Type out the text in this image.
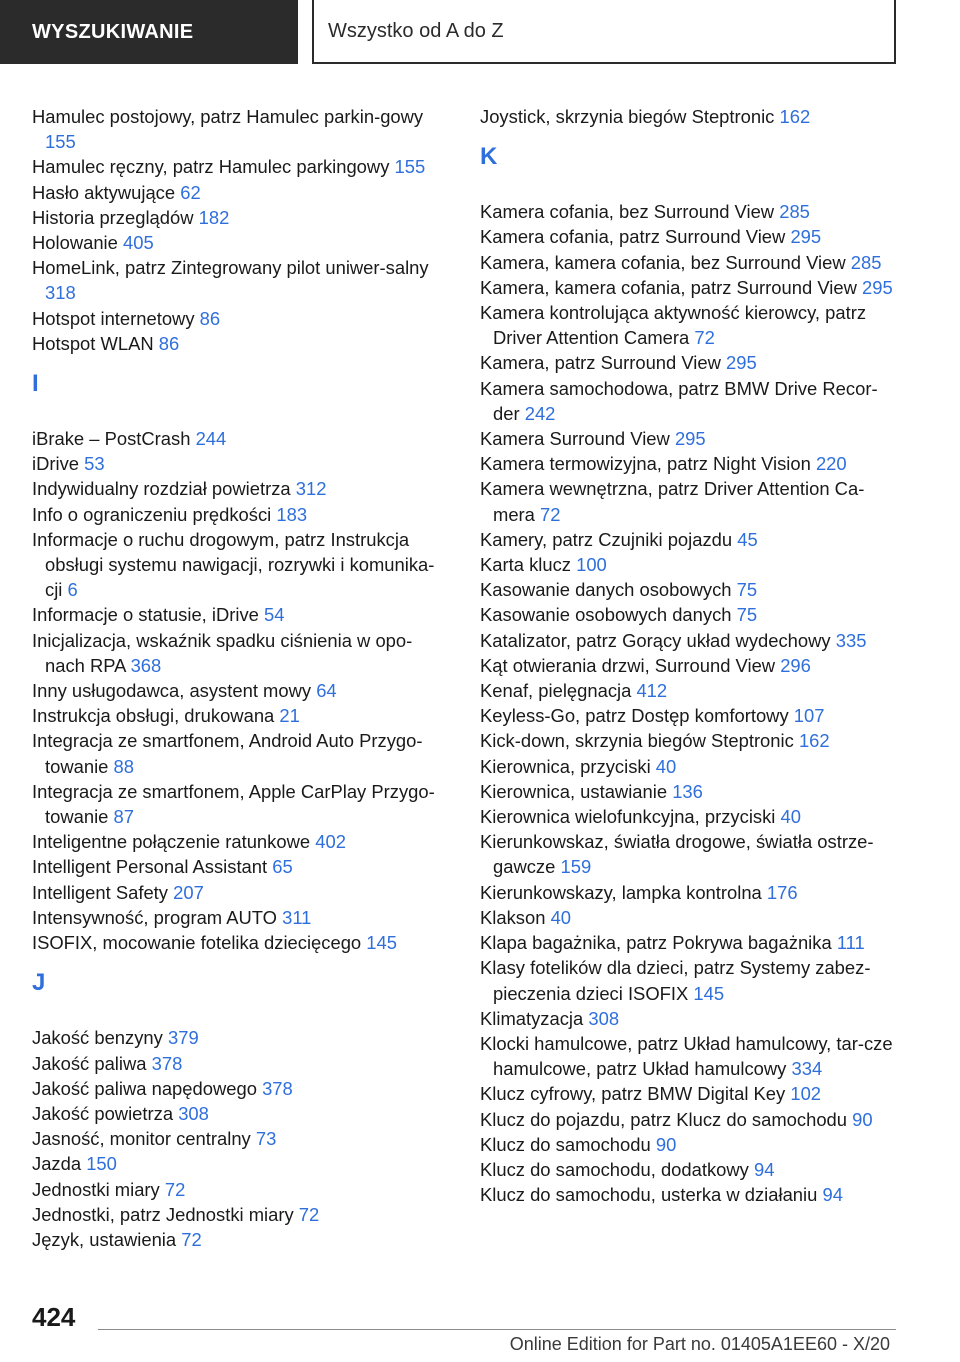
WYSZUKIWANIE	Wszystko od A do Z
Hamulec postojowy, patrz Hamulec parkin-gowy 155
Hamulec ręczny, patrz Hamulec parkingowy 155
Hasło aktywujące 62
Historia przeglądów 182
Holowanie 405
HomeLink, patrz Zintegrowany pilot uniwer-salny 318
Hotspot internetowy 86
Hotspot WLAN 86
I
iBrake – PostCrash 244
iDrive 53
Indywidualny rozdział powietrza 312
Info o ograniczeniu prędkości 183
Informacje o ruchu drogowym, patrz Instrukcja obsługi systemu nawigacji, rozrywki i komunika-cji 6
Informacje o statusie, iDrive 54
Inicjalizacja, wskaźnik spadku ciśnienia w opo-nach RPA 368
Inny usługodawca, asystent mowy 64
Instrukcja obsługi, drukowana 21
Integracja ze smartfonem, Android Auto Przygo-towanie 88
Integracja ze smartfonem, Apple CarPlay Przygo-towanie 87
Inteligentne połączenie ratunkowe 402
Intelligent Personal Assistant 65
Intelligent Safety 207
Intensywność, program AUTO 311
ISOFIX, mocowanie fotelika dziecięcego 145
J
Jakość benzyny 379
Jakość paliwa 378
Jakość paliwa napędowego 378
Jakość powietrza 308
Jasność, monitor centralny 73
Jazda 150
Jednostki miary 72
Jednostki, patrz Jednostki miary 72
Język, ustawienia 72
Joystick, skrzynia biegów Steptronic 162
K
Kamera cofania, bez Surround View 285
Kamera cofania, patrz Surround View 295
Kamera, kamera cofania, bez Surround View 285
Kamera, kamera cofania, patrz Surround View 295
Kamera kontrolująca aktywność kierowcy, patrz Driver Attention Camera 72
Kamera, patrz Surround View 295
Kamera samochodowa, patrz BMW Drive Recor-der 242
Kamera Surround View 295
Kamera termowizyjna, patrz Night Vision 220
Kamera wewnętrzna, patrz Driver Attention Ca-mera 72
Kamery, patrz Czujniki pojazdu 45
Karta klucz 100
Kasowanie danych osobowych 75
Kasowanie osobowych danych 75
Katalizator, patrz Gorący układ wydechowy 335
Kąt otwierania drzwi, Surround View 296
Kenaf, pielęgnacja 412
Keyless-Go, patrz Dostęp komfortowy 107
Kick-down, skrzynia biegów Steptronic 162
Kierownica, przyciski 40
Kierownica, ustawianie 136
Kierownica wielofunkcyjna, przyciski 40
Kierunkowskaz, światła drogowe, światła ostrze-gawcze 159
Kierunkowskazy, lampka kontrolna 176
Klakson 40
Klapa bagażnika, patrz Pokrywa bagażnika 111
Klasy fotelików dla dzieci, patrz Systemy zabez-pieczenia dzieci ISOFIX 145
Klimatyzacja 308
Klocki hamulcowe, patrz Układ hamulcowy, tar-cze hamulcowe, patrz Układ hamulcowy 334
Klucz cyfrowy, patrz BMW Digital Key 102
Klucz do pojazdu, patrz Klucz do samochodu 90
Klucz do samochodu 90
Klucz do samochodu, dodatkowy 94
Klucz do samochodu, usterka w działaniu 94
424
Online Edition for Part no. 01405A1EE60 - X/20
